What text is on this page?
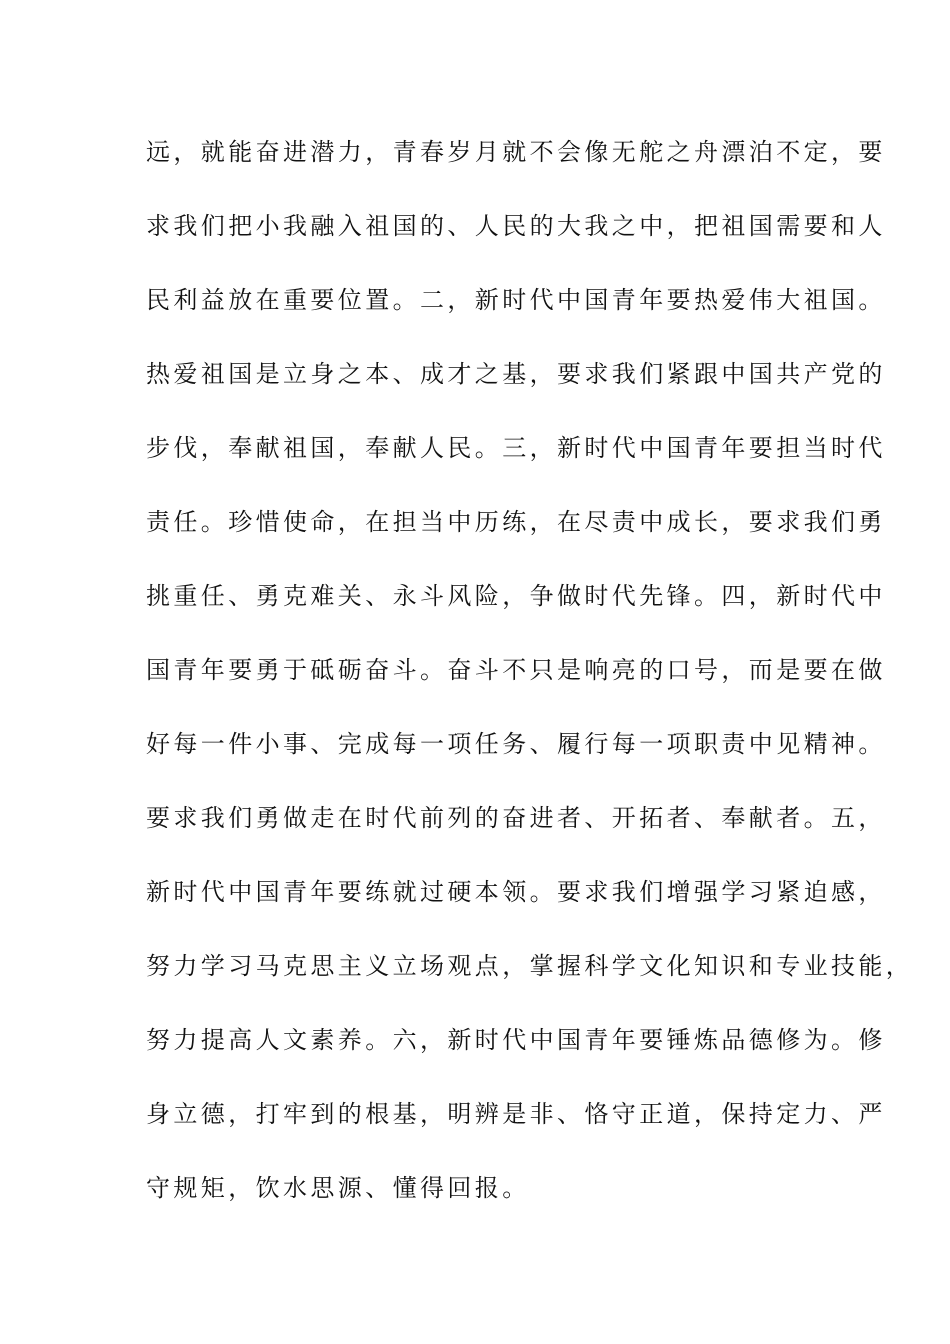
远，就能奋进潜力，青春岁月就不会像无舵之舟漂泊不定，要
求我们把小我融入祖国的、人民的大我之中，把祖国需要和人
民利益放在重要位置。二，新时代中国青年要热爱伟大祖国。
热爱祖国是立身之本、成才之基，要求我们紧跟中国共产党的
步伐，奉献祖国，奉献人民。三，新时代中国青年要担当时代
责任。珍惜使命，在担当中历练，在尽责中成长，要求我们勇
挑重任、勇克难关、永斗风险，争做时代先锋。四，新时代中
国青年要勇于砥砺奋斗。奋斗不只是响亮的口号，而是要在做
好每一件小事、完成每一项任务、履行每一项职责中见精神。
要求我们勇做走在时代前列的奋进者、开拓者、奉献者。五，
新时代中国青年要练就过硬本领。要求我们增强学习紧迫感，
努力学习马克思主义立场观点，掌握科学文化知识和专业技能，
努力提高人文素养。六，新时代中国青年要锤炼品德修为。修
身立德，打牢到的根基，明辨是非、恪守正道，保持定力、严
守规矩，饮水思源、懂得回报。
